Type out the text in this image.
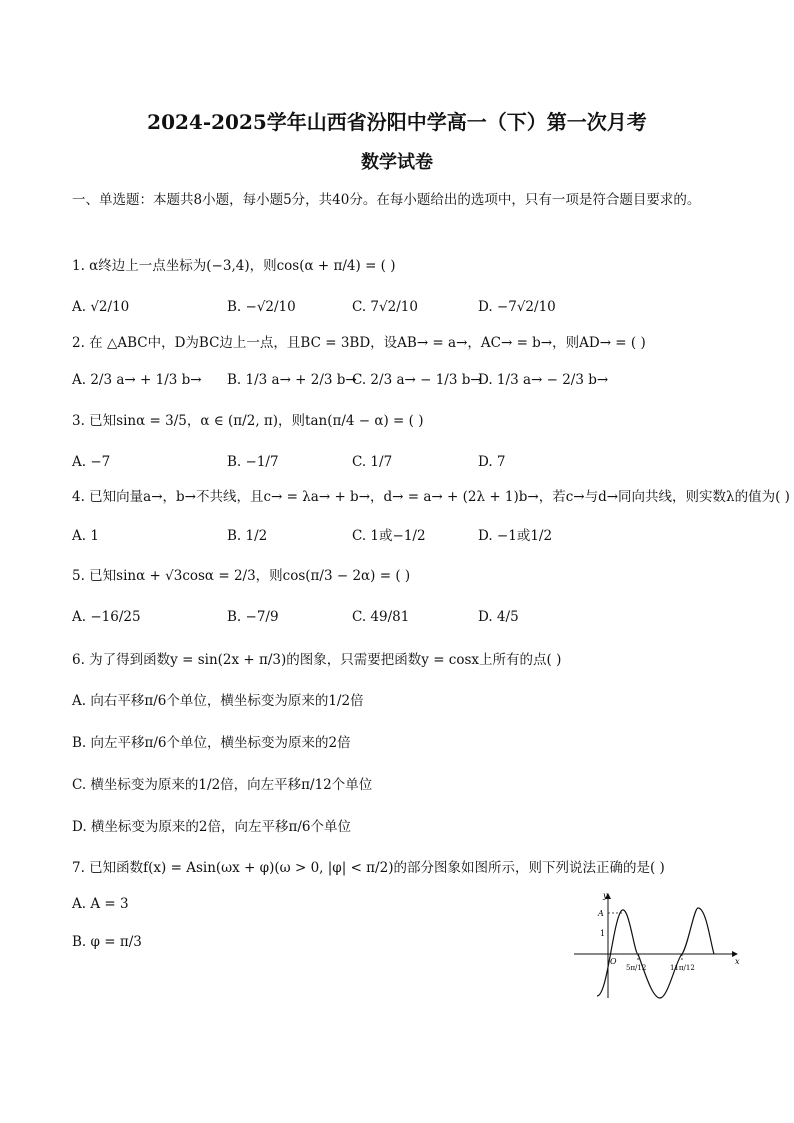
2024-2025学年山西省汾阳中学高一（下）第一次月考
数学试卷
一、单选题：本题共8小题，每小题5分，共40分。在每小题给出的选项中，只有一项是符合题目要求的。
1. α终边上一点坐标为(−3,4)，则cos(α + π/4) = ( )
A. √2/10	B. −√2/10	C. 7√2/10	D. −7√2/10
2. 在 △ABC中，D为BC边上一点，且BC = 3BD，设AB→ = a→，AC→ = b→，则AD→ = ( )
A. 2/3 a→ + 1/3 b→ B. 1/3 a→ + 2/3 b→
C. 2/3 a→ − 1/3 b→
D. 1/3 a→ − 2/3 b→
3. 已知sinα = 3/5，α ∈ (π/2, π)，则tan(π/4 − α) = ( )
A. −7	B. −1/7	C. 1/7	D. 7
4. 已知向量a→，b→不共线，且c→ = λa→ + b→，d→ = a→ + (2λ + 1)b→，若c→与d→同向共线，则实数λ的值为( )
A. 1	B. 1/2	C. 1或−1/2	D. −1或1/2
5. 已知sinα + √3cosα = 2/3，则cos(π/3 − 2α) = ( )
A. −16/25	B. −7/9	C. 49/81	D. 4/5
6. 为了得到函数y = sin(2x + π/3)的图象，只需要把函数y = cosx上所有的点( )
A. 向右平移π/6个单位，横坐标变为原来的1/2倍
B. 向左平移π/6个单位，横坐标变为原来的2倍
C. 横坐标变为原来的1/2倍，向左平移π/12个单位
D. 横坐标变为原来的2倍，向左平移π/6个单位
7. 已知函数f(x) = Asin(ωx + φ)(ω > 0, |φ| < π/2)的部分图象如图所示，则下列说法正确的是( )
A. A = 3
B. φ = π/3
y
x
A
1
O
5π/12	11π/12
